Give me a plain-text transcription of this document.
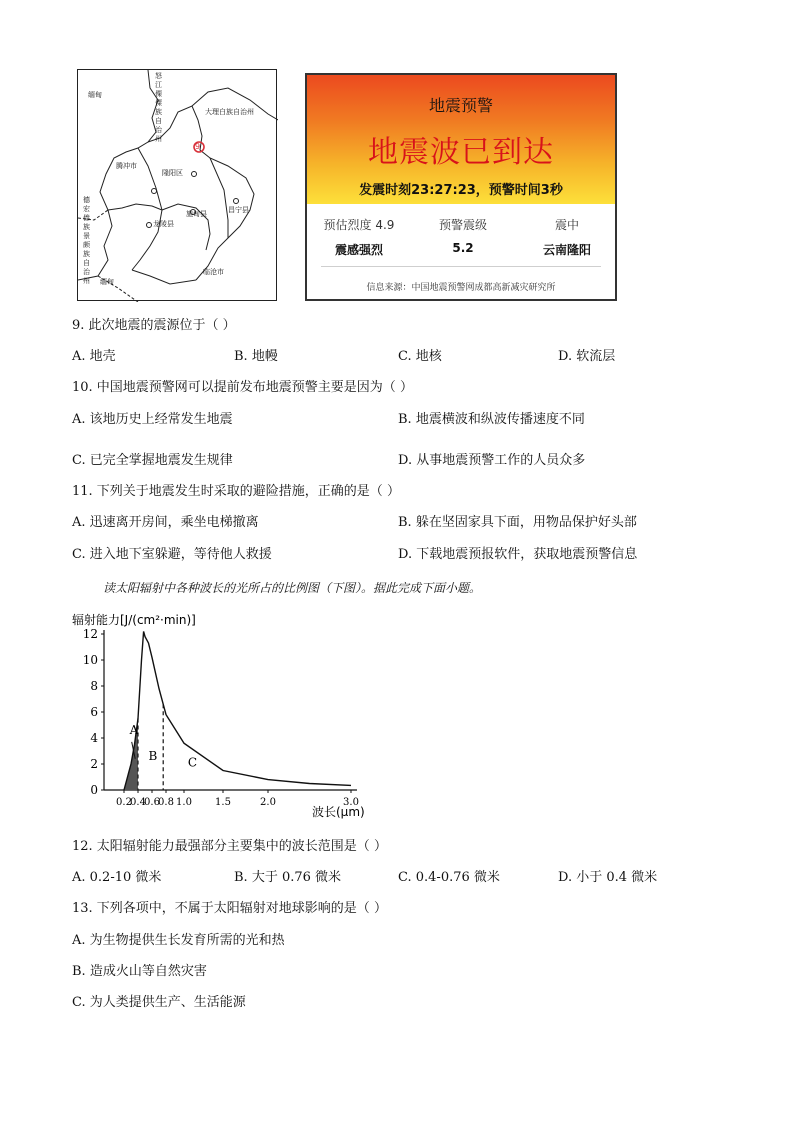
缅甸
怒江傈僳族自治州
大理白族自治州
9
腾冲市
隆阳区
德宏傣族景颇族自治州
龙陵县
施甸县	昌宁县
临沧市
缅甸
地震预警
地震波已到达
发震时刻23:27:23，预警时间3秒
预估烈度 4.9	预警震级	震中
震感强烈	5.2	云南隆阳
信息来源：中国地震预警网成都高新减灾研究所
9. 此次地震的震源位于（ ）
A. 地壳	B. 地幔	C. 地核	D. 软流层
10. 中国地震预警网可以提前发布地震预警主要是因为（ ）
A. 该地历史上经常发生地震	B. 地震横波和纵波传播速度不同
C. 已完全掌握地震发生规律	D. 从事地震预警工作的人员众多
11. 下列关于地震发生时采取的避险措施，正确的是（ ）
A. 迅速离开房间，乘坐电梯撤离	B. 躲在坚固家具下面，用物品保护好头部
C. 进入地下室躲避，等待他人救援	D. 下载地震预报软件，获取地震预警信息
读太阳辐射中各种波长的光所占的比例图（下图）。据此完成下面小题。
辐射能力[J/(cm²·min)]
波长(μm)
0
2
4
6
8
10
12
0.2
0.4
0.6
0.8 1.0 1.5	2.0	3.0
A
B	C
12. 太阳辐射能力最强部分主要集中的波长范围是（ ）
A. 0.2-10 微米	B. 大于 0.76 微米	C. 0.4-0.76 微米	D. 小于 0.4 微米
13. 下列各项中，不属于太阳辐射对地球影响的是（ ）
A. 为生物提供生长发育所需的光和热
B. 造成火山等自然灾害
C. 为人类提供生产、生活能源
